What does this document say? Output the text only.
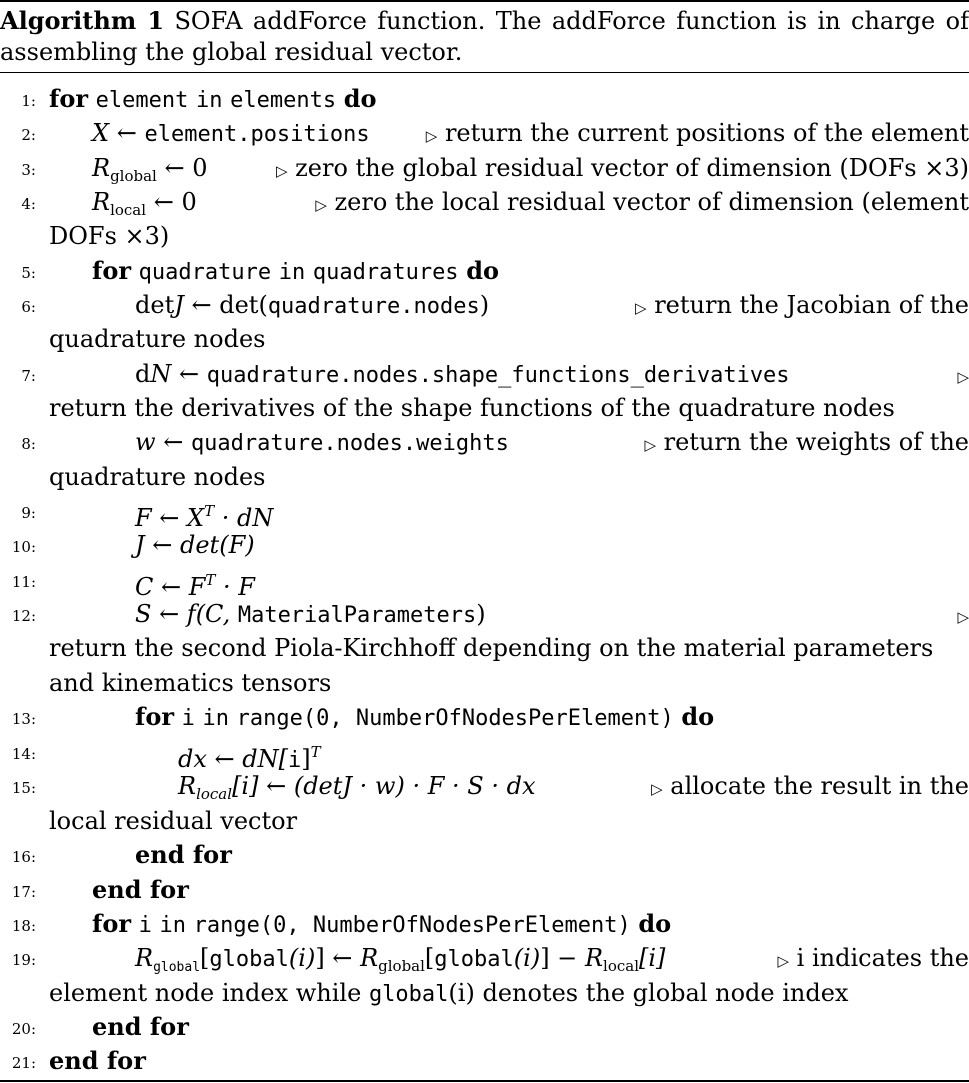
Algorithm 1 SOFA addForce function. The addForce function is in charge of assembling the global residual vector.
1: for element in elements do
2: X ← element.positions	▷ return the current positions of the element
3: $R_{global}$ ← 0	▷ zero the global residual vector of dimension (DOFs ×3)
4: $R_{local}$ ← 0	▷ zero the local residual vector of dimension (element
DOFs ×3)
5: for quadrature in quadratures do
6:	detJ ← det(quadrature.nodes)	▷ return the Jacobian of the
quadrature nodes
7:	dN ← quadrature.nodes.shape_functions_derivatives	▷
return the derivatives of the shape functions of the quadrature nodes
8:	w ← quadrature.nodes.weights	▷ return the weights of the
quadrature nodes
9:	F ← $X^T$ · dN
10:	J ← det(F)
11:	C ← $F^T \cdot F$
12:	S ← f(C, MaterialParameters)	▷
return the second Piola-Kirchhoff depending on the material parameters
and kinematics tensors
13:	for i in range(0, NumberOfNodesPerElement) do
14:	dx ← $dN[i]^T$
15:	$R_{local}[i]$ ← (detJ · w) · F · S · dx	▷ allocate the result in the
local residual vector
16:	end for
17: end for
18: for i in range(0, NumberOfNodesPerElement) do
19:	$R_{global}[global(i)]$ ← $R_{global}[global(i)] - R_{local}[i]$	▷ i indicates the
element node index while global(i) denotes the global node index
20: end for
21: end for
